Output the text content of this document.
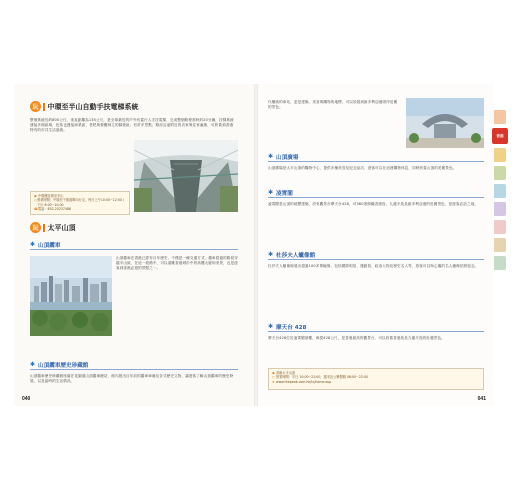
玩	中環至半山自動手扶電梯系統
整個系統長約800公尺，垂直距離為135公尺，是全球最長的戶外有蓋行人手扶電梯，完成整個路程需時約20分鐘，扶梯系統連接多個區域，包括也連接商業區、老吧與餐廳林立的蘇豪區；有許多景點，路徑沿途附近的店家與住家遍佈，可欣賞到香港特有的市井生活風貌。
◉ 中環擺花街至半山
◷ 營業時間：中環至干德道單向行走，每日上午10:00~12:00 / 下行 6:00~10:00
☎ 電話：852-25237486
玩	太平山頂
✱ 山頂纜車
山頂纜車在香港已經有百年歷史，不僅是一種交通方式，纜車經過的路段穿越半山區，在這一段路中，可以遠眺香港城市中的高樓大廈和美景，也是遊客到香港必遊的景點之一。
✱ 山頂纜車歷史珍藏館
山頂纜車歷史珍藏館座落在花園道山頂纜車總站，館內展出百年前的纜車車廂及各式歷史文物，讓遊客了解山頂纜車的歷史發展，以及當時的生活情況。
040
代權威的車站，更是建築、美食與購物的地標，可以欣賞到維多利亞港兩岸壯麗的景色。
✱ 山頂廣場
山頂廣場是太平山頂的購物中心，提供多種美食及紀念品店，遊客可以在這裡購物休息，同時欣賞山頂的美麗景色。
✱ 凌霄閣
凌霄閣是山頂的地標建築，設有觀景台摩天台428，可360度俯瞰香港島、九龍半島及維多利亞港的壯麗景色，是遊客必訪之地。
✱ 杜莎夫人蠟像館
杜莎夫人蠟像館展出超過100多尊蠟像，包括國際明星、運動員、政治人物及歷史名人等，遊客可以與心儀的名人蠟像拍照留念。
✱ 摩天台 428
摩天台428位於凌霄閣頂樓，海拔428公尺，是香港最高的觀景台，可以欣賞香港島及九龍半島的壯麗景色。
◉ 香港太平山頂
◷ 營業時間：平日 10:00~22:00，週末及公眾假期 08:00~22:00
⊕ www.thepeak.com.hk/tc/home.asp
041
香港
